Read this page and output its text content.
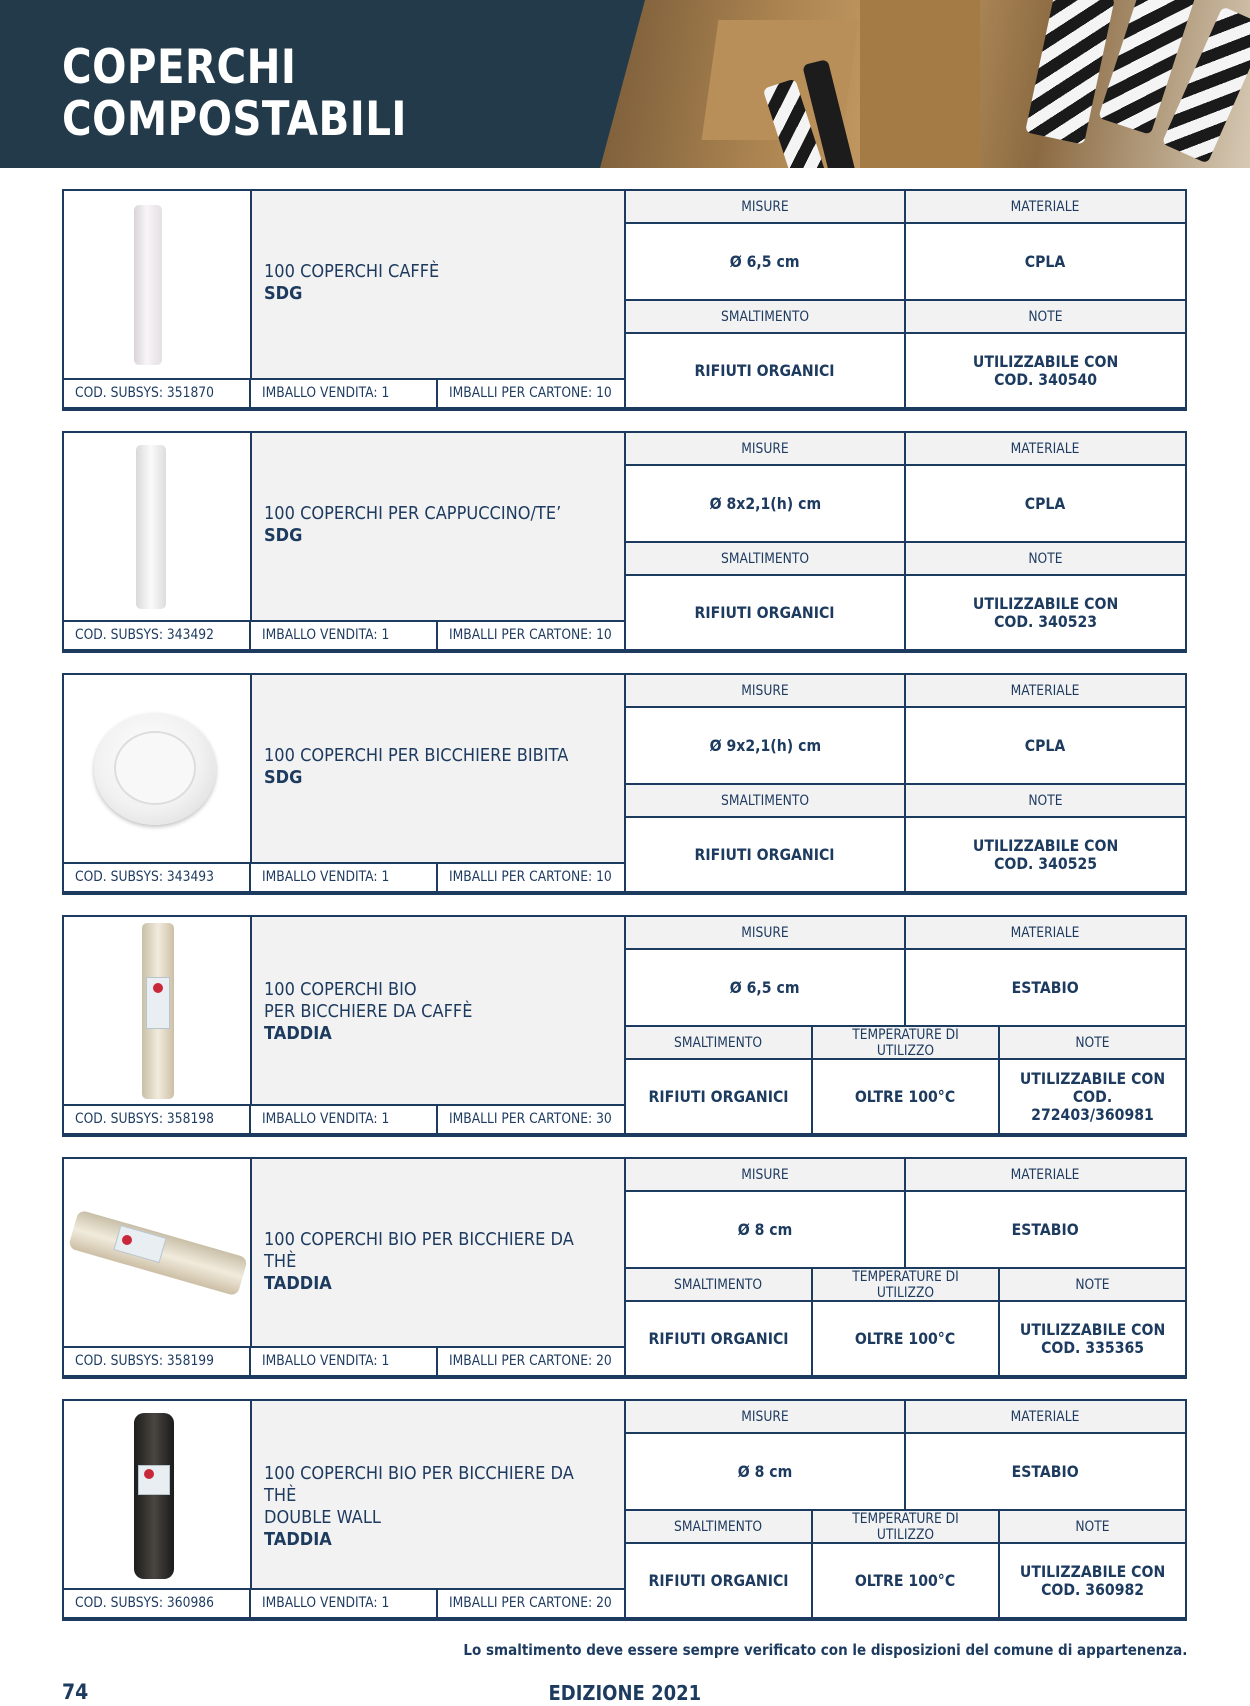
COPERCHI
COMPOSTABILI
100 COPERCHI CAFFÈ
SDG
COD. SUBSYS: 351870	IMBALLO VENDITA: 1	IMBALLI PER CARTONE: 10
MISURE	MATERIALE
Ø 6,5 cm	CPLA
SMALTIMENTO	NOTE
RIFIUTI ORGANICI	UTILIZZABILE CON
COD. 340540
100 COPERCHI PER CAPPUCCINO/TE’
SDG
COD. SUBSYS: 343492	IMBALLO VENDITA: 1	IMBALLI PER CARTONE: 10
MISURE	MATERIALE
Ø 8x2,1(h) cm	CPLA
SMALTIMENTO	NOTE
RIFIUTI ORGANICI	UTILIZZABILE CON
COD. 340523
100 COPERCHI PER BICCHIERE BIBITA
SDG
COD. SUBSYS: 343493	IMBALLO VENDITA: 1	IMBALLI PER CARTONE: 10
MISURE	MATERIALE
Ø 9x2,1(h) cm	CPLA
SMALTIMENTO	NOTE
RIFIUTI ORGANICI	UTILIZZABILE CON
COD. 340525
100 COPERCHI BIO
PER BICCHIERE DA CAFFÈ
TADDIA
COD. SUBSYS: 358198	IMBALLO VENDITA: 1	IMBALLI PER CARTONE: 30
MISURE	MATERIALE
Ø 6,5 cm	ESTABIO
SMALTIMENTO	TEMPERATURE DI UTILIZZO	NOTE
RIFIUTI ORGANICI	OLTRE 100°C
UTILIZZABILE CON
COD. 272403/360981
100 COPERCHI BIO PER BICCHIERE DA THÈ
TADDIA
COD. SUBSYS: 358199	IMBALLO VENDITA: 1	IMBALLI PER CARTONE: 20
MISURE	MATERIALE
Ø 8 cm	ESTABIO
SMALTIMENTO	TEMPERATURE DI UTILIZZO	NOTE
RIFIUTI ORGANICI	OLTRE 100°C	UTILIZZABILE CON
COD. 335365
100 COPERCHI BIO PER BICCHIERE DA THÈ
DOUBLE WALL
TADDIA
COD. SUBSYS: 360986	IMBALLO VENDITA: 1	IMBALLI PER CARTONE: 20
MISURE	MATERIALE
Ø 8 cm	ESTABIO
SMALTIMENTO	TEMPERATURE DI UTILIZZO	NOTE
RIFIUTI ORGANICI	OLTRE 100°C	UTILIZZABILE CON
COD. 360982
Lo smaltimento deve essere sempre verificato con le disposizioni del comune di appartenenza.
74	EDIZIONE 2021
